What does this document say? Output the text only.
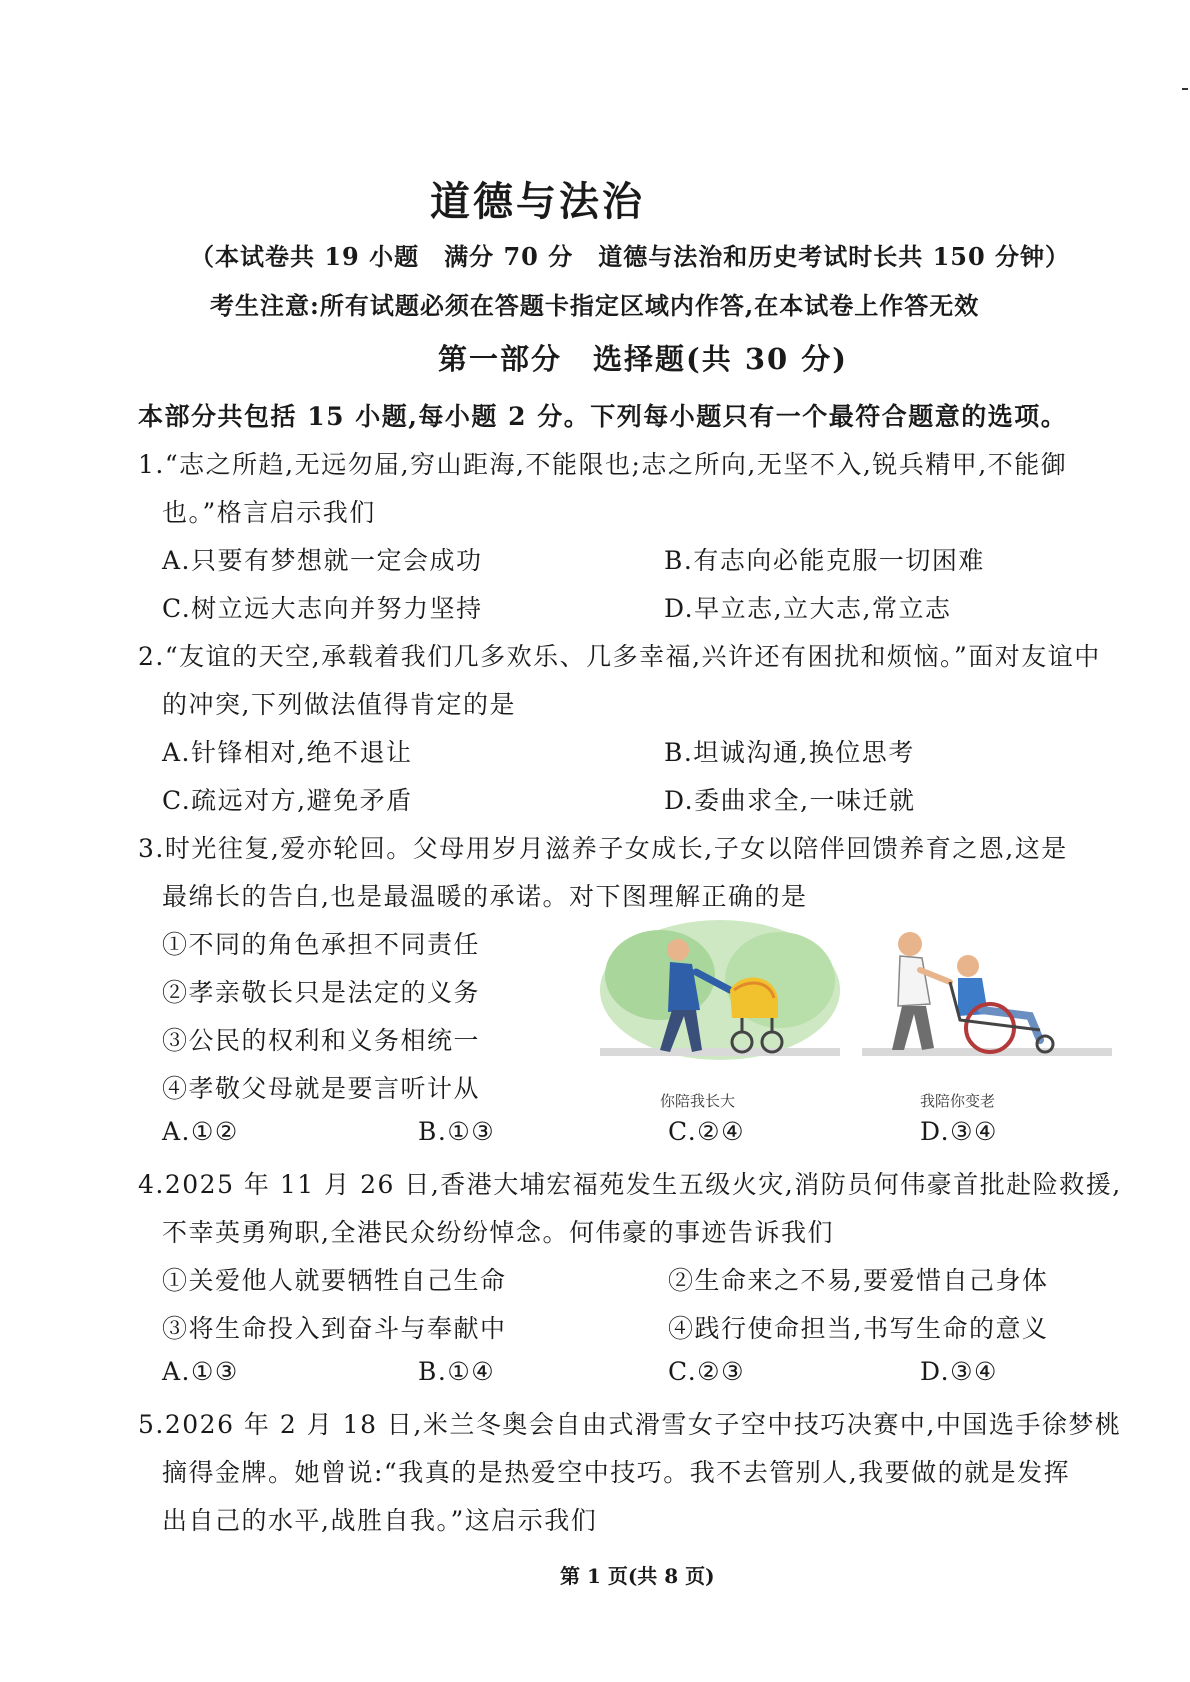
道德与法治
（本试卷共 19 小题　满分 70 分　道德与法治和历史考试时长共 150 分钟）
考生注意:所有试题必须在答题卡指定区域内作答,在本试卷上作答无效
第一部分　选择题(共 30 分)
本部分共包括 15 小题,每小题 2 分。下列每小题只有一个最符合题意的选项。
1.“志之所趋,无远勿届,穷山距海,不能限也;志之所向,无坚不入,锐兵精甲,不能御
也。”格言启示我们
A.只要有梦想就一定会成功	B.有志向必能克服一切困难
C.树立远大志向并努力坚持	D.早立志,立大志,常立志
2.“友谊的天空,承载着我们几多欢乐、几多幸福,兴许还有困扰和烦恼。”面对友谊中
的冲突,下列做法值得肯定的是
A.针锋相对,绝不退让	B.坦诚沟通,换位思考
C.疏远对方,避免矛盾	D.委曲求全,一味迁就
3.时光往复,爱亦轮回。父母用岁月滋养子女成长,子女以陪伴回馈养育之恩,这是
最绵长的告白,也是最温暖的承诺。对下图理解正确的是
①不同的角色承担不同责任
②孝亲敬长只是法定的义务
③公民的权利和义务相统一
④孝敬父母就是要言听计从	你陪我长大	我陪你变老
A.①②	B.①③	C.②④	D.③④
4.2025 年 11 月 26 日,香港大埔宏福苑发生五级火灾,消防员何伟豪首批赴险救援,
不幸英勇殉职,全港民众纷纷悼念。何伟豪的事迹告诉我们
①关爱他人就要牺牲自己生命	②生命来之不易,要爱惜自己身体
③将生命投入到奋斗与奉献中	④践行使命担当,书写生命的意义
A.①③	B.①④	C.②③	D.③④
5.2026 年 2 月 18 日,米兰冬奥会自由式滑雪女子空中技巧决赛中,中国选手徐梦桃
摘得金牌。她曾说:“我真的是热爱空中技巧。我不去管别人,我要做的就是发挥
出自己的水平,战胜自我。”这启示我们
第 1 页(共 8 页)
